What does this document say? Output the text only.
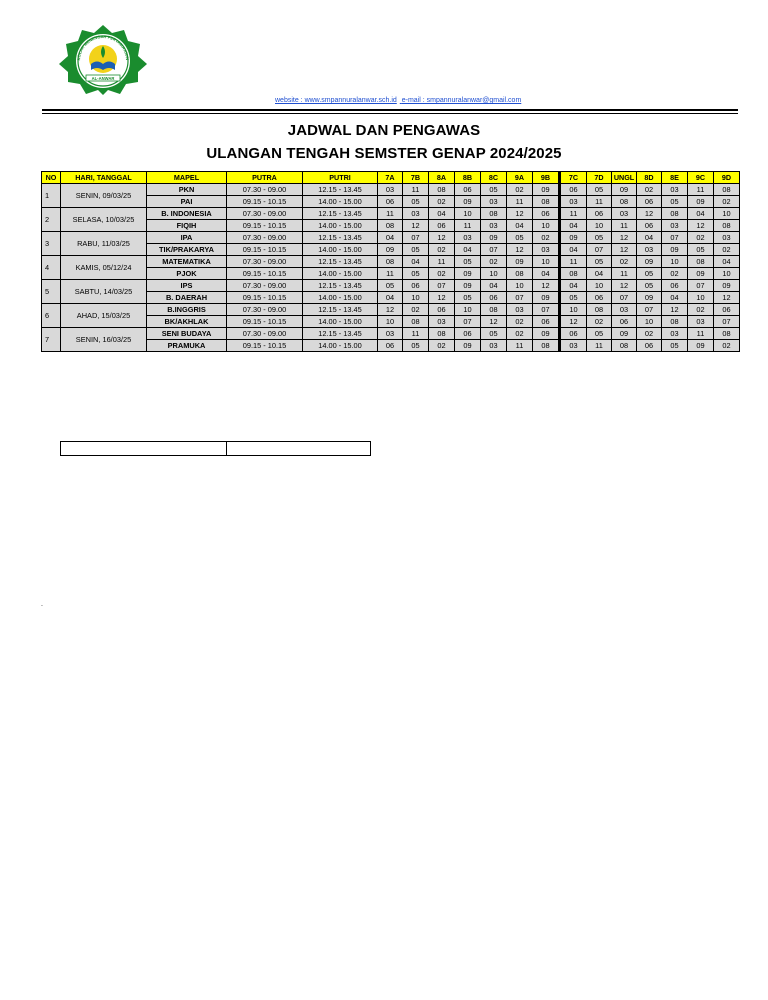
AL-ANWAR
KOLAH MENENGAH PERTAMA AN-N
website : www.smpannuralanwar.sch.id e-mail : smpannuralanwar@gmail.com
JADWAL DAN PENGAWAS
ULANGAN TENGAH SEMSTER GENAP 2024/2025
NO	HARI, TANGGAL	MAPEL	PUTRA	PUTRI	7A	7B	8A	8B	8C	9A	9B	7C	7D	UNGL	8D	8E	9C	9D
1	SENIN, 09/03/25	PKN	07.30 - 09.00	12.15 - 13.45	03	11	08	06	05	02	09	06	05	09	02	03	11	08
		PAI	09.15 - 10.15	14.00 - 15.00	06	05	02	09	03	11	08	03	11	08	06	05	09	02
2	SELASA, 10/03/25	B. INDONESIA	07.30 - 09.00	12.15 - 13.45	11	03	04	10	08	12	06	11	06	03	12	08	04	10
		FIQIH	09.15 - 10.15	14.00 - 15.00	08	12	06	11	03	04	10	04	10	11	06	03	12	08
3	RABU, 11/03/25	IPA	07.30 - 09.00	12.15 - 13.45	04	07	12	03	09	05	02	09	05	12	04	07	02	03
		TIK/PRAKARYA	09.15 - 10.15	14.00 - 15.00	09	05	02	04	07	12	03	04	07	12	03	09	05	02
4	KAMIS, 05/12/24	MATEMATIKA	07.30 - 09.00	12.15 - 13.45	08	04	11	05	02	09	10	11	05	02	09	10	08	04
		PJOK	09.15 - 10.15	14.00 - 15.00	11	05	02	09	10	08	04	08	04	11	05	02	09	10
5	SABTU, 14/03/25	IPS	07.30 - 09.00	12.15 - 13.45	05	06	07	09	04	10	12	04	10	12	05	06	07	09
		B. DAERAH	09.15 - 10.15	14.00 - 15.00	04	10	12	05	06	07	09	05	06	07	09	04	10	12
6	AHAD, 15/03/25	B.INGGRIS	07.30 - 09.00	12.15 - 13.45	12	02	06	10	08	03	07	10	08	03	07	12	02	06
		BK/AKHLAK	09.15 - 10.15	14.00 - 15.00	10	08	03	07	12	02	06	12	02	06	10	08	03	07
7	SENIN, 16/03/25	SENI BUDAYA	07.30 - 09.00	12.15 - 13.45	03	11	08	06	05	02	09	06	05	09	02	03	11	08
		PRAMUKA	09.15 - 10.15	14.00 - 15.00	06	05	02	09	03	11	08	03	11	08	06	05	09	02
.
